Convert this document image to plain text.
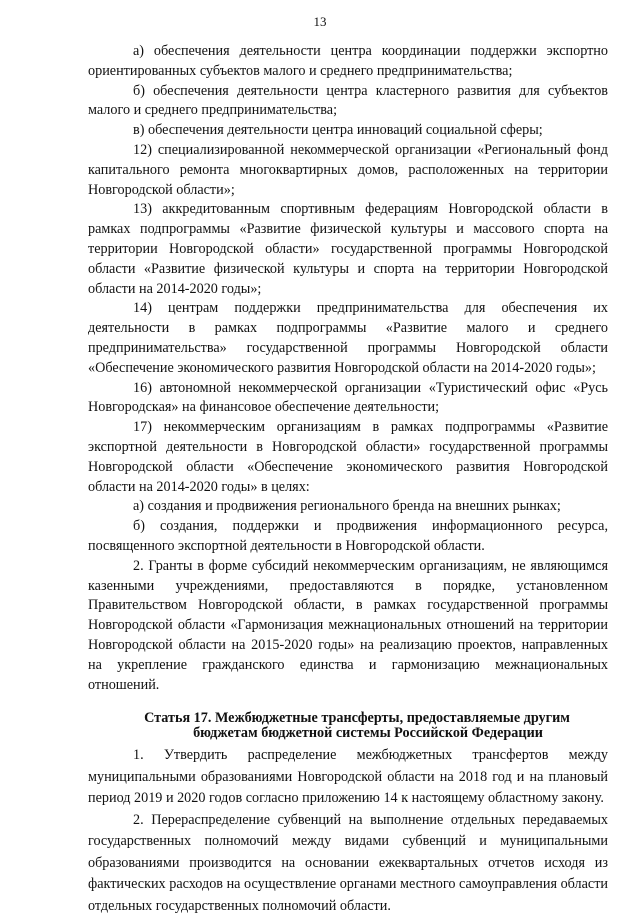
13

а) обеспечения деятельности центра координации поддержки экспортно ориентированных субъектов малого и среднего предпринимательства;

б) обеспечения деятельности центра кластерного развития для субъектов малого и среднего предпринимательства;

в) обеспечения деятельности центра инноваций социальной сферы;

12) специализированной некоммерческой организации «Региональный фонд капитального ремонта многоквартирных домов, расположенных на территории Новгородской области»;

13) аккредитованным спортивным федерациям Новгородской области в рамках подпрограммы «Развитие физической культуры и массового спорта на территории Новгородской области» государственной программы Новгородской области «Развитие физической культуры и спорта на территории Новгородской области на 2014-2020 годы»;

14) центрам поддержки предпринимательства для обеспечения их деятельности в рамках подпрограммы «Развитие малого и среднего предпринимательства» государственной программы Новгородской области «Обеспечение экономического развития Новгородской области на 2014-2020 годы»;

16) автономной некоммерческой организации «Туристический офис «Русь Новгородская» на финансовое обеспечение деятельности;

17) некоммерческим организациям в рамках подпрограммы «Развитие экспортной деятельности в Новгородской области» государственной программы Новгородской области «Обеспечение экономического развития Новгородской области на 2014-2020 годы» в целях:

а) создания и продвижения регионального бренда на внешних рынках;

б) создания, поддержки и продвижения информационного ресурса, посвященного экспортной деятельности в Новгородской области.

2. Гранты в форме субсидий некоммерческим организациям, не являющимся казенными учреждениями, предоставляются в порядке, установленном Правительством Новгородской области, в рамках государственной программы Новгородской области «Гармонизация межнациональных отношений на территории Новгородской области на 2015-2020 годы» на реализацию проектов, направленных на укрепление гражданского единства и гармонизацию межнациональных отношений.

Статья 17. Межбюджетные трансферты, предоставляемые другим
бюджетам бюджетной системы Российской Федерации

1. Утвердить распределение межбюджетных трансфертов между муниципальными образованиями Новгородской области на 2018 год и на плановый период 2019 и 2020 годов согласно приложению 14 к настоящему областному закону.

2. Перераспределение субвенций на выполнение отдельных передаваемых государственных полномочий между видами субвенций и муниципальными образованиями производится на основании ежеквартальных отчетов исходя из фактических расходов на осуществление органами местного самоуправления области отдельных государственных полномочий области.
